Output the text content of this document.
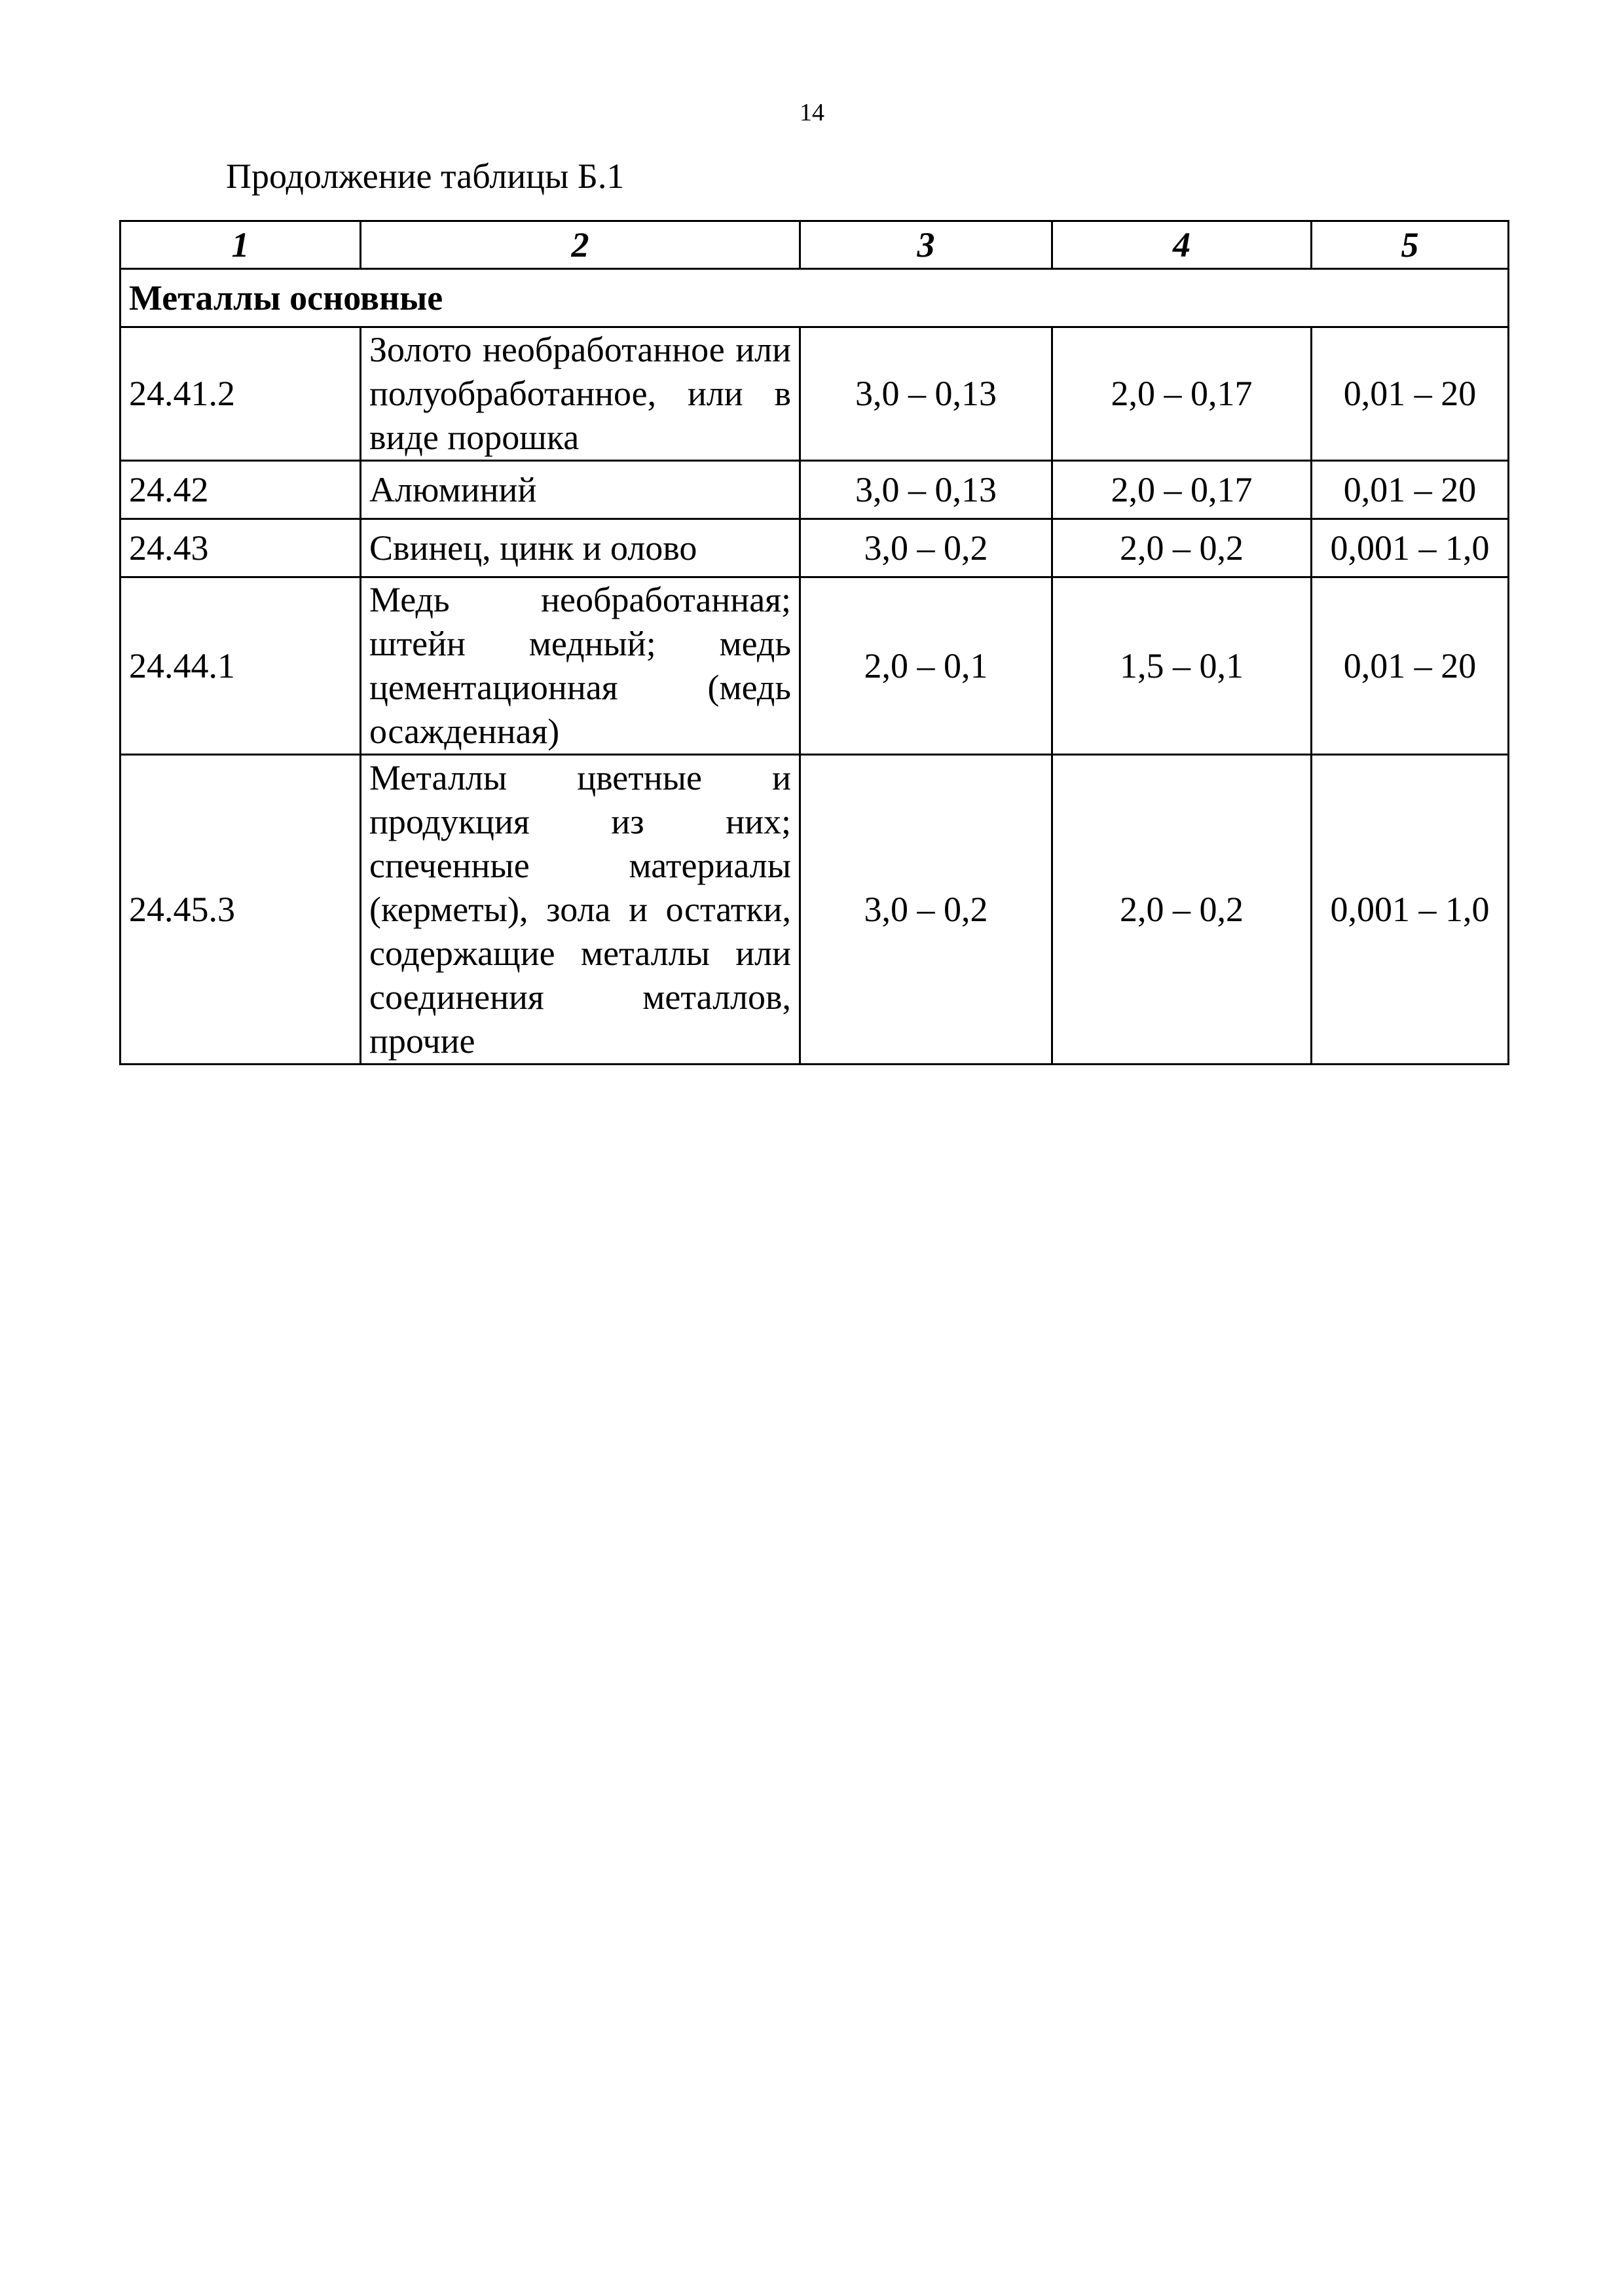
14
Продолжение таблицы Б.1
1	2	3	4	5
Металлы основные				
24.41.2	Золото необработанное или полуобработанное, или в виде порошка	3,0 – 0,13	2,0 – 0,17	0,01 – 20
24.42	Алюминий	3,0 – 0,13	2,0 – 0,17	0,01 – 20
24.43	Свинец, цинк и олово	3,0 – 0,2	2,0 – 0,2	0,001 – 1,0
24.44.1	Медь необработанная; штейн медный; медь цементационная (медь осажденная)	2,0 – 0,1	1,5 – 0,1	0,01 – 20
24.45.3	Металлы цветные и продукция из них; спеченные материалы (керметы), зола и остатки, содержащие металлы или соединения металлов, прочие	3,0 – 0,2	2,0 – 0,2	0,001 – 1,0
